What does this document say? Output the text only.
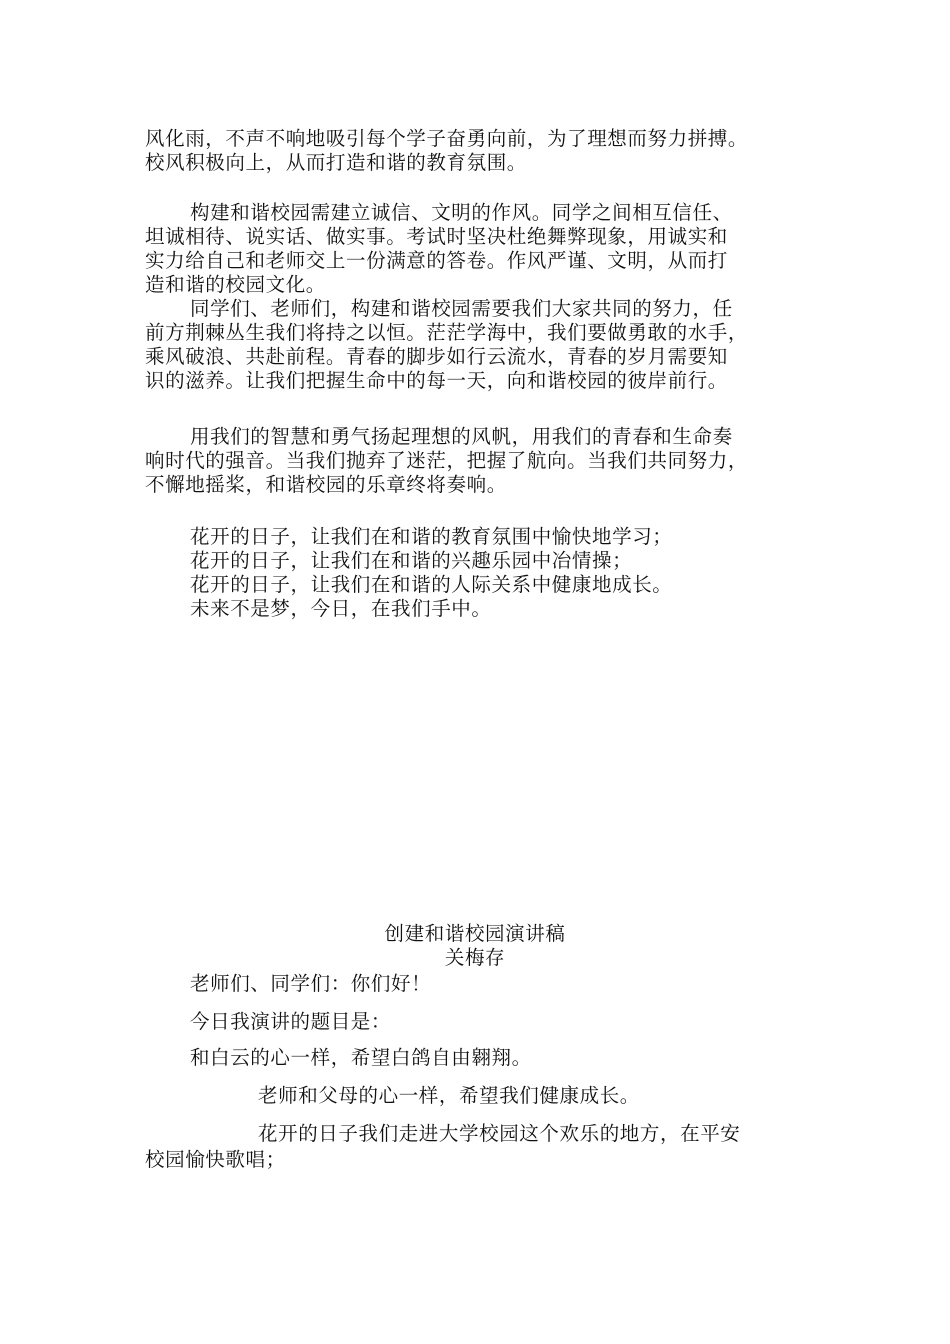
风化雨，不声不响地吸引每个学子奋勇向前，为了理想而努力拼搏。
校风积极向上，从而打造和谐的教育氛围。
构建和谐校园需建立诚信、文明的作风。同学之间相互信任、
坦诚相待、说实话、做实事。考试时坚决杜绝舞弊现象，用诚实和
实力给自己和老师交上一份满意的答卷。作风严谨、文明，从而打
造和谐的校园文化。
同学们、老师们，构建和谐校园需要我们大家共同的努力，任
前方荆棘丛生我们将持之以恒。茫茫学海中，我们要做勇敢的水手，
乘风破浪、共赴前程。青春的脚步如行云流水，青春的岁月需要知
识的滋养。让我们把握生命中的每一天，向和谐校园的彼岸前行。
用我们的智慧和勇气扬起理想的风帆，用我们的青春和生命奏
响时代的强音。当我们抛弃了迷茫，把握了航向。当我们共同努力，
不懈地摇桨，和谐校园的乐章终将奏响。
花开的日子，让我们在和谐的教育氛围中愉快地学习；
花开的日子，让我们在和谐的兴趣乐园中冶情操；
花开的日子，让我们在和谐的人际关系中健康地成长。
未来不是梦，今日，在我们手中。
创建和谐校园演讲稿
关梅存
老师们、同学们：你们好！
今日我演讲的题目是：
和白云的心一样，希望白鸽自由翱翔。
老师和父母的心一样，希望我们健康成长。
花开的日子我们走进大学校园这个欢乐的地方，在平安
校园愉快歌唱；
